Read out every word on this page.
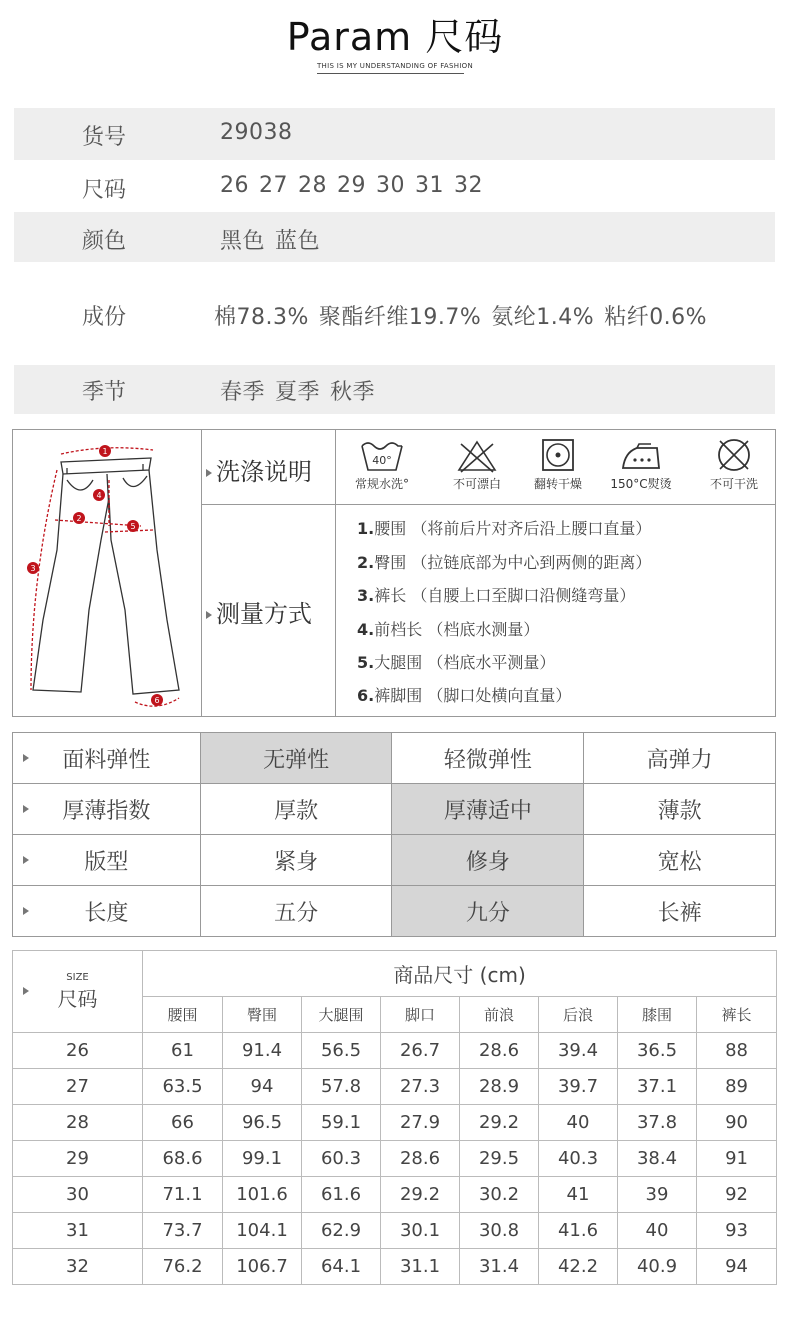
Param 尺码
THIS IS MY UNDERSTANDING OF FASHION
货号	29038
尺码	26 27 28 29 30 31 32
颜色	黑色 蓝色
成份	棉78.3% 聚酯纤维19.7% 氨纶1.4% 粘纤0.6%
季节	春季 夏季 秋季
1
2
3
4
5
6
洗涤说明
测量方式
40°
常规水洗°	不可漂白	翻转干燥	150°C熨烫	不可干洗
1.腰围 （将前后片对齐后沿上腰口直量）
2.臀围 （拉链底部为中心到两侧的距离）
3.裤长 （自腰上口至脚口沿侧缝弯量）
4.前档长 （档底水测量）
5.大腿围 （档底水平测量）
6.裤脚围 （脚口处横向直量）
面料弹性	无弹性	轻微弹性	高弹力

厚薄指数	厚款	厚薄适中	薄款

版型	紧身	修身	宽松

长度	五分	九分	长裤
SIZE
尺码	商品尺寸 (cm)							
	腰围	臀围	大腿围	脚口	前浪	后浪	膝围	裤长
26	61	91.4	56.5	26.7	28.6	39.4	36.5	88
27	63.5	94	57.8	27.3	28.9	39.7	37.1	89
28	66	96.5	59.1	27.9	29.2	40	37.8	90
29	68.6	99.1	60.3	28.6	29.5	40.3	38.4	91
30	71.1	101.6	61.6	29.2	30.2	41	39	92
31	73.7	104.1	62.9	30.1	30.8	41.6	40	93
32	76.2	106.7	64.1	31.1	31.4	42.2	40.9	94
